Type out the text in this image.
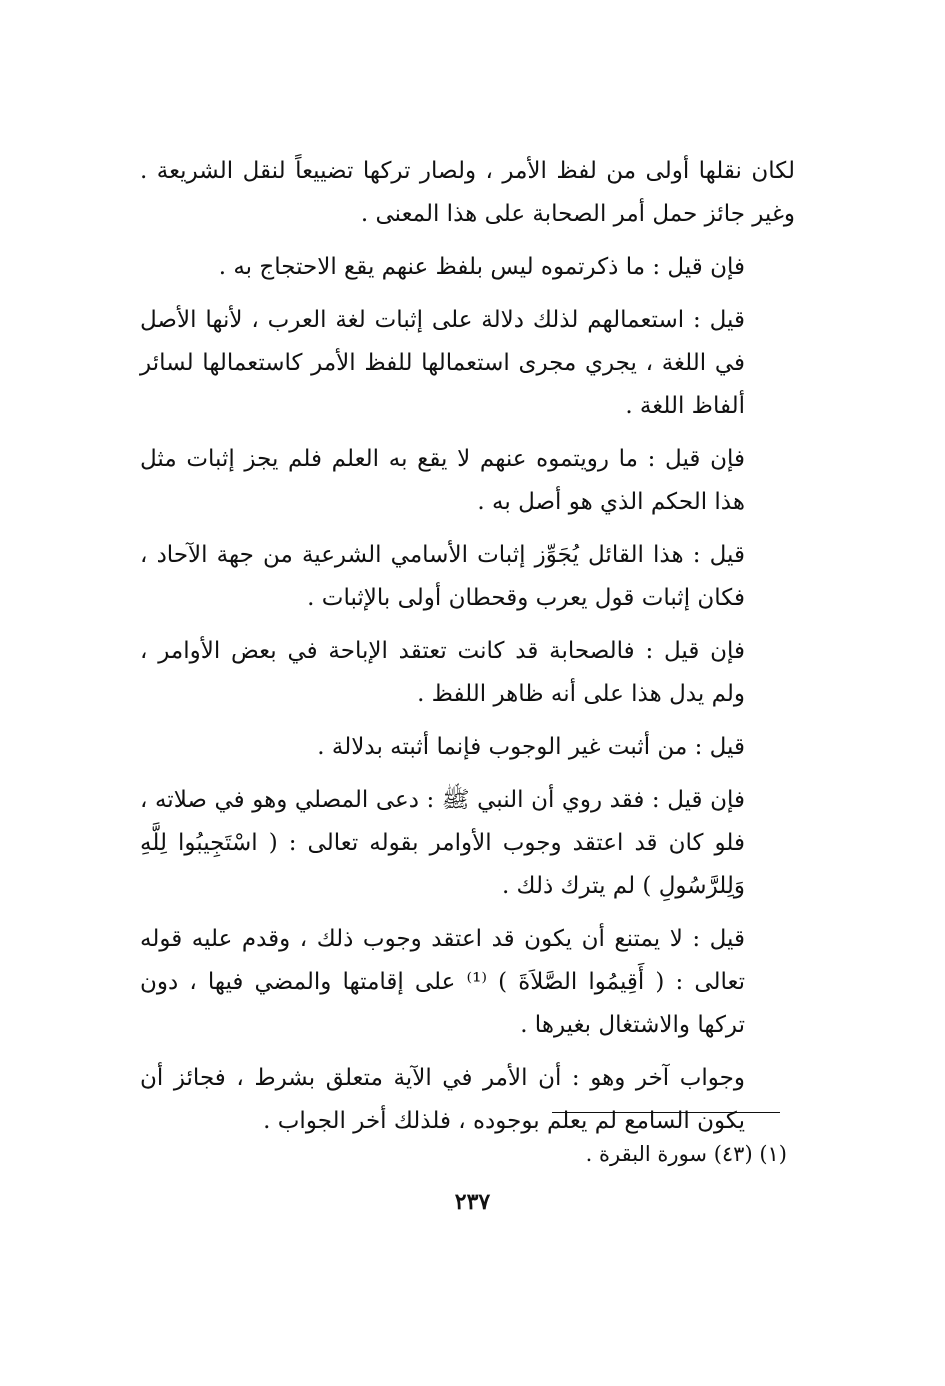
لكان نقلها أولى من لفظ الأمر ، ولصار تركها تضييعاً لنقل الشريعة . وغير جائز حمل أمر الصحابة على هذا المعنى .

فإن قيل : ما ذكرتموه ليس بلفظ عنهم يقع الاحتجاج به .

قيل : استعمالهم لذلك دلالة على إثبات لغة العرب ، لأنها الأصل في اللغة ، يجري مجرى استعمالها للفظ الأمر كاستعمالها لسائر ألفاظ اللغة .

فإن قيل : ما رويتموه عنهم لا يقع به العلم فلم يجز إثبات مثل هذا الحكم الذي هو أصل به .

قيل : هذا القائل يُجَوِّز إثبات الأسامي الشرعية من جهة الآحاد ، فكان إثبات قول يعرب وقحطان أولى بالإثبات .

فإن قيل : فالصحابة قد كانت تعتقد الإباحة في بعض الأوامر ، ولم يدل هذا على أنه ظاهر اللفظ .

قيل : من أثبت غير الوجوب فإنما أثبته بدلالة .

فإن قيل : فقد روي أن النبي ﷺ : دعى المصلي وهو في صلاته ، فلو كان قد اعتقد وجوب الأوامر بقوله تعالى : ( اسْتَجِيبُوا لِلَّهِ وَلِلرَّسُولِ ) لم يترك ذلك .

قيل : لا يمتنع أن يكون قد اعتقد وجوب ذلك ، وقدم عليه قوله تعالى : ( أَقِيمُوا الصَّلاَةَ ) ⁽¹⁾ على إقامتها والمضي فيها ، دون تركها والاشتغال بغيرها .

وجواب آخر وهو : أن الأمر في الآية متعلق بشرط ، فجائز أن يكون السامع لم يعلم بوجوده ، فلذلك أخر الجواب .

(١) (٤٣) سورة البقرة .
٢٣٧
